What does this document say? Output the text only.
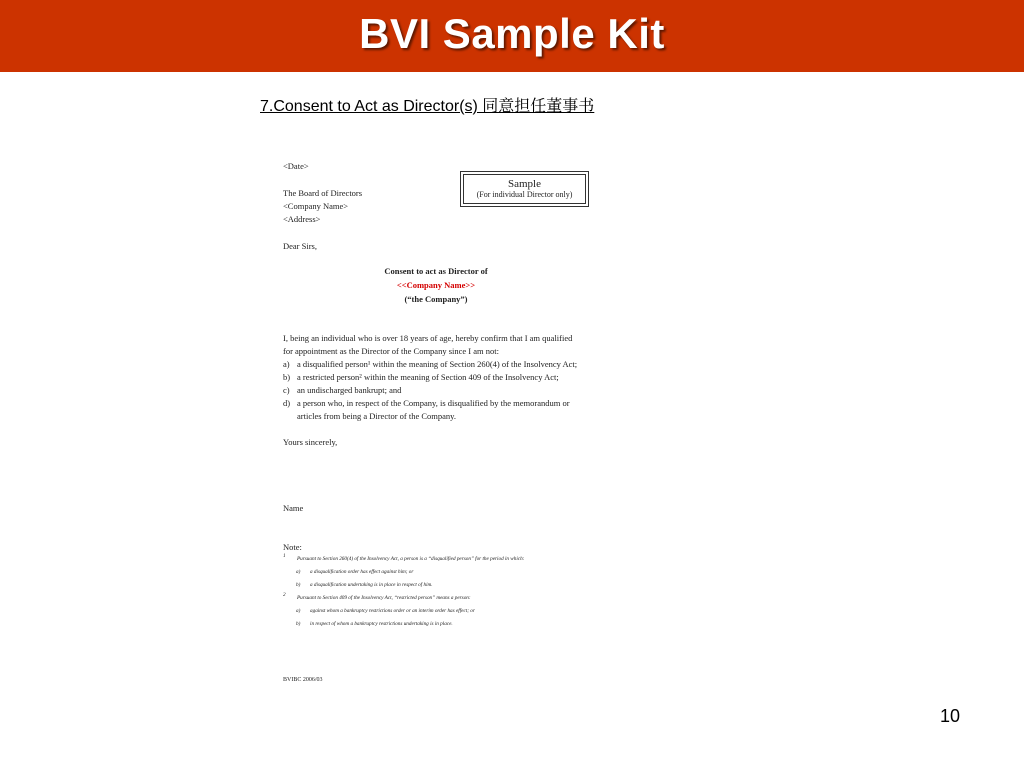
BVI Sample Kit
7.Consent to Act as Director(s) 同意担任董事书
<Date>
The Board of Directors
<Company Name>
<Address>
Sample
(For individual Director only)
Dear Sirs,
Consent to act as Director of
<<Company Name>>
(“the Company”)
I, being an individual who is over 18 years of age, hereby confirm that I am qualified
for appointment as the Director of the Company since I am not:
a) a disqualified person¹ within the meaning of Section 260(4) of the Insolvency Act;
b) a restricted person² within the meaning of Section 409 of the Insolvency Act;
c) an undischarged bankrupt; and
d) a person who, in respect of the Company, is disqualified by the memorandum or
articles from being a Director of the Company.
Yours sincerely,
Name
Note:
1 Pursuant to Section 260(4) of the Insolvency Act, a person is a “disqualified person” for the period in which:
a) a disqualification order has effect against him; or
b) a disqualification undertaking is in place in respect of him.
2 Pursuant to Section 409 of the Insolvency Act, “restricted person” means a person:
a) against whom a bankruptcy restrictions order or an interim order has effect; or
b) in respect of whom a bankruptcy restrictions undertaking is in place.
BVIBC 2006/03
10
